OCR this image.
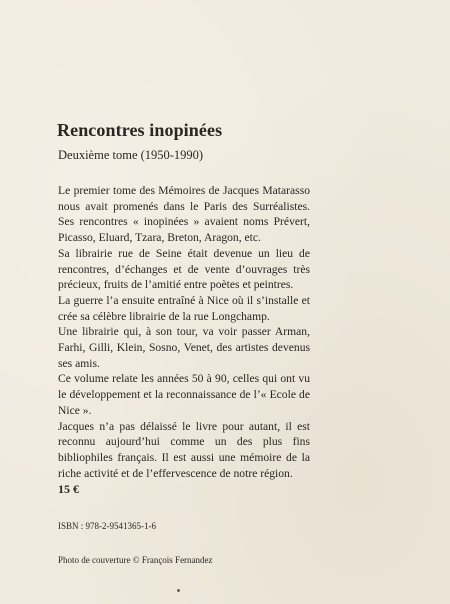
Rencontres inopinées
Deuxième tome (1950-1990)

Le premier tome des Mémoires de Jacques Matarasso nous avait promenés dans le Paris des Surréalistes. Ses rencontres « inopinées » avaient noms Prévert, Picasso, Eluard, Tzara, Breton, Aragon, etc.

Sa librairie rue de Seine était devenue un lieu de rencontres, d’échanges et de vente d’ouvrages très précieux, fruits de l’amitié entre poètes et peintres.

La guerre l’a ensuite entraîné à Nice où il s’installe et crée sa célèbre librairie de la rue Longchamp.

Une librairie qui, à son tour, va voir passer Arman, Farhi, Gilli, Klein, Sosno, Venet, des artistes devenus ses amis.

Ce volume relate les années 50 à 90, celles qui ont vu le développement et la reconnaissance de l’« Ecole de Nice ».

Jacques n’a pas délaissé le livre pour autant, il est reconnu aujourd’hui comme un des plus fins bibliophiles français. Il est aussi une mémoire de la riche activité et de l’effervescence de notre région.

15 €
ISBN : 978-2-9541365-1-6
Photo de couverture © François Fernandez
